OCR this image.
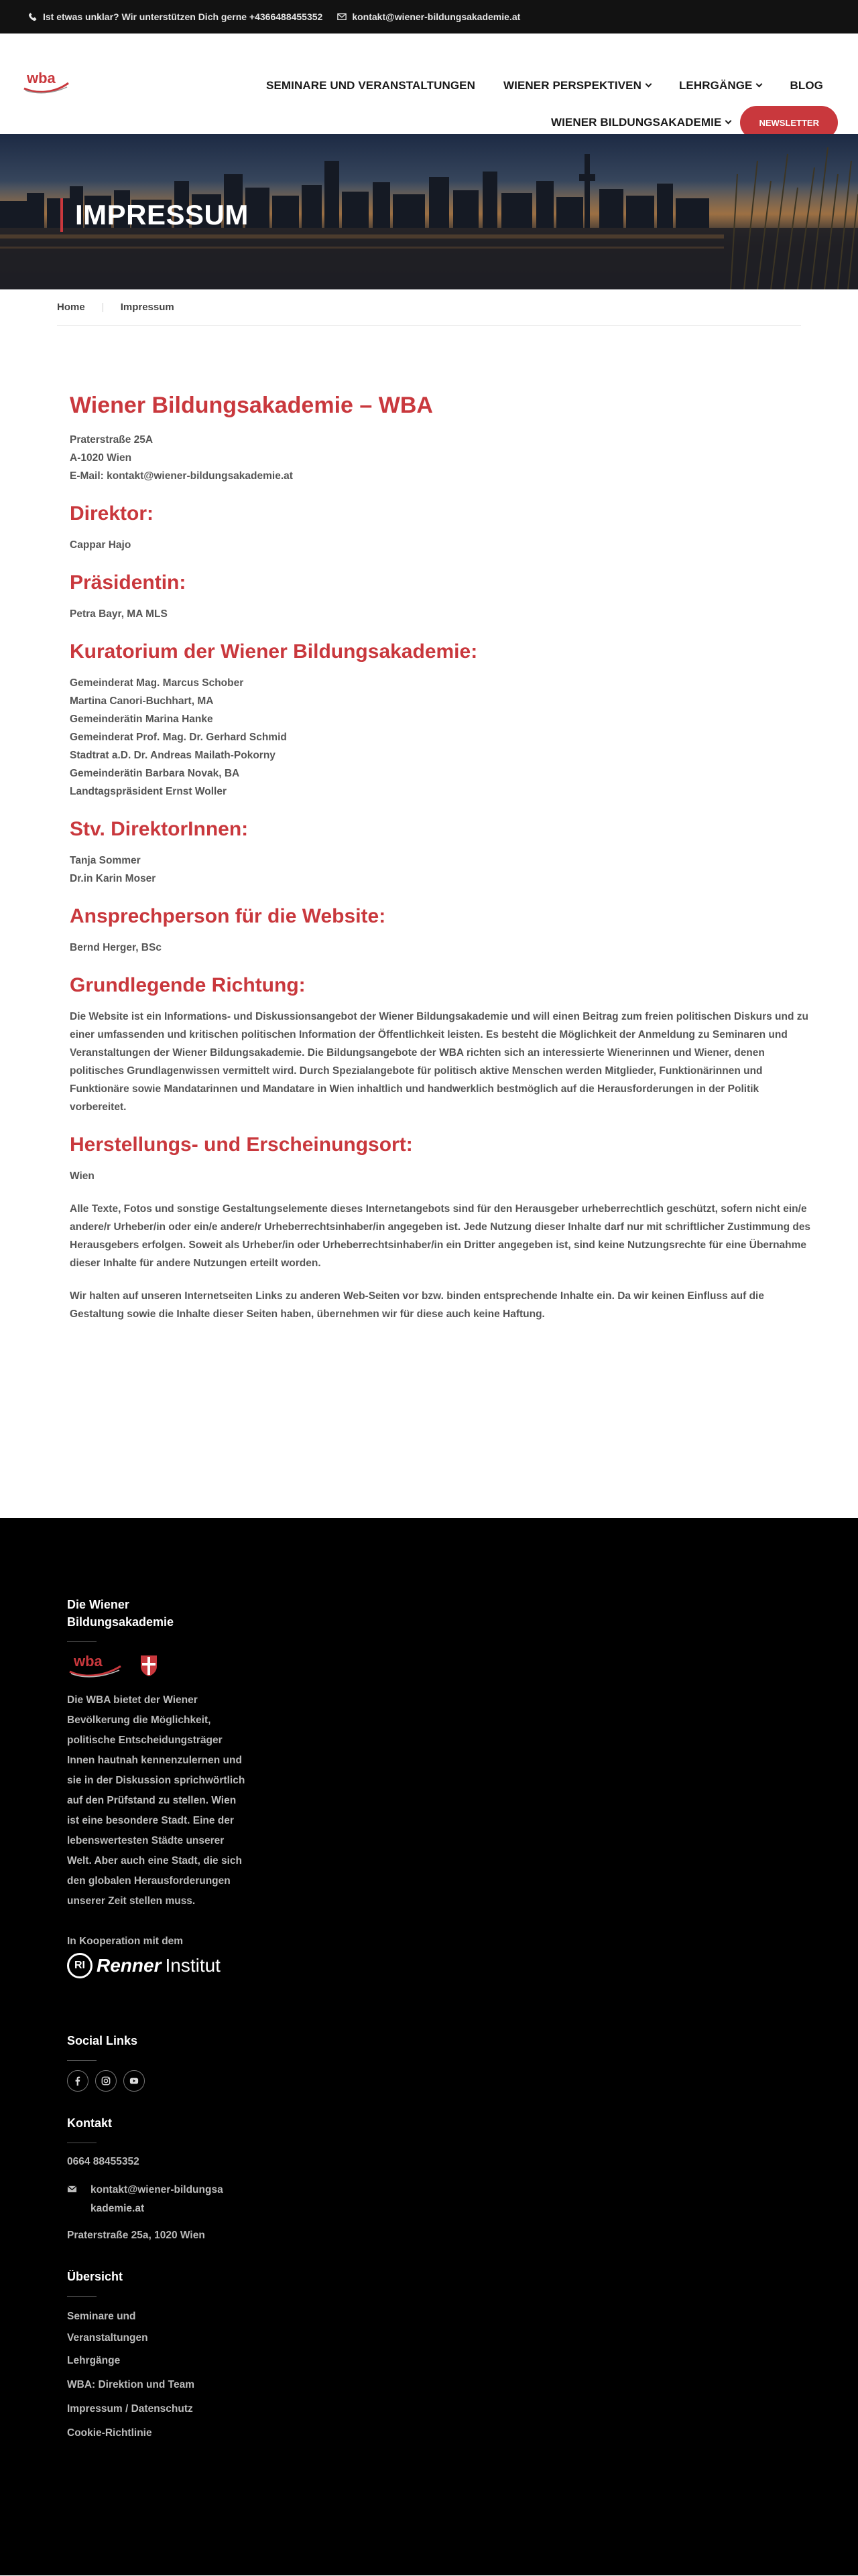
Ist etwas unklar? Wir unterstützen Dich gerne +4366488455352	kontakt@wiener-bildungsakademie.at
wba	SEMINARE UND VERANSTALTUNGEN WIENER PERSPEKTIVEN	LEHRGÄNGE	BLOG
WIENER BILDUNGSAKADEMIE	NEWSLETTER
IMPRESSUM
Home	Impressum
Wiener Bildungsakademie – WBA
Praterstraße 25A
A-1020 Wien
E-Mail: kontakt@wiener-bildungsakademie.at
Direktor:
Cappar Hajo
Präsidentin:
Petra Bayr, MA MLS
Kuratorium der Wiener Bildungsakademie:
Gemeinderat Mag. Marcus Schober
Martina Canori-Buchhart, MA
Gemeinderätin Marina Hanke
Gemeinderat Prof. Mag. Dr. Gerhard Schmid
Stadtrat a.D. Dr. Andreas Mailath-Pokorny
Gemeinderätin Barbara Novak, BA
Landtagspräsident Ernst Woller
Stv. DirektorInnen:
Tanja Sommer
Dr.in Karin Moser
Ansprechperson für die Website:
Bernd Herger, BSc
Grundlegende Richtung:

Die Website ist ein Informations- und Diskussionsangebot der Wiener Bildungsakademie und will einen Beitrag zum freien politischen Diskurs und zu einer umfassenden und kritischen politischen Information der Öffentlichkeit leisten. Es besteht die Möglichkeit der Anmeldung zu Seminaren und Veranstaltungen der Wiener Bildungsakademie. Die Bildungsangebote der WBA richten sich an interessierte Wienerinnen und Wiener, denen politisches Grundlagenwissen vermittelt wird. Durch Spezialangebote für politisch aktive Menschen werden Mitglieder, Funktionärinnen und Funktionäre sowie Mandatarinnen und Mandatare in Wien inhaltlich und handwerklich bestmöglich auf die Herausforderungen in der Politik vorbereitet.

Herstellungs- und Erscheinungsort:
Wien

Alle Texte, Fotos und sonstige Gestaltungselemente dieses Internetangebots sind für den Herausgeber urheberrechtlich geschützt, sofern nicht ein/e andere/r Urheber/in oder ein/e andere/r Urheberrechtsinhaber/in angegeben ist. Jede Nutzung dieser Inhalte darf nur mit schriftlicher Zustimmung des Herausgebers erfolgen. Soweit als Urheber/in oder Urheberrechtsinhaber/in ein Dritter angegeben ist, sind keine Nutzungsrechte für eine Übernahme dieser Inhalte für andere Nutzungen erteilt worden.

Wir halten auf unseren Internetseiten Links zu anderen Web-Seiten vor bzw. binden entsprechende Inhalte ein. Da wir keinen Einfluss auf die Gestaltung sowie die Inhalte dieser Seiten haben, übernehmen wir für diese auch keine Haftung.

Die Wiener Bildungsakademie
wba
Die WBA bietet der Wiener Bevölkerung die Möglichkeit, politische Entscheidungsträger Innen hautnah kennenzulernen und sie in der Diskussion sprichwörtlich auf den Prüfstand zu stellen. Wien ist eine besondere Stadt. Eine der lebenswertesten Städte unserer Welt. Aber auch eine Stadt, die sich den globalen Herausforderungen unserer Zeit stellen muss.
In Kooperation mit dem
RI Renner Institut
Social Links
Kontakt
0664 88455352
kontakt@wiener-bildungsakademie.at
Praterstraße 25a, 1020 Wien
Übersicht
Seminare und Veranstaltungen
Lehrgänge
WBA: Direktion und Team
Impressum / Datenschutz
Cookie-Richtlinie
